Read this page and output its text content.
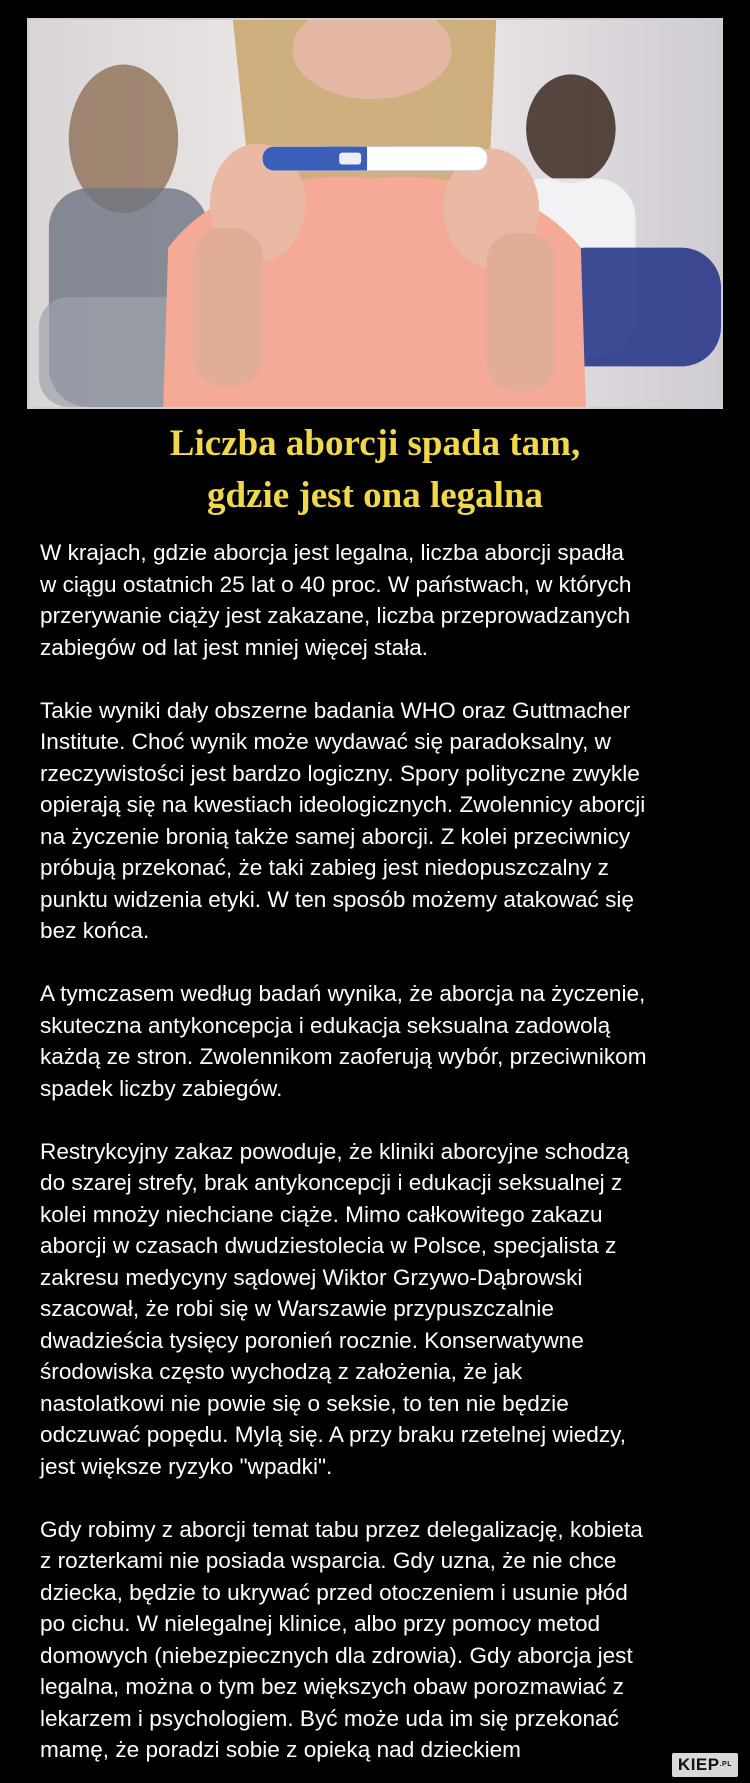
Liczba aborcji spada tam,
gdzie jest ona legalna

W krajach, gdzie aborcja jest legalna, liczba aborcji spadła
w ciągu ostatnich 25 lat o 40 proc. W państwach, w których
przerywanie ciąży jest zakazane, liczba przeprowadzanych
zabiegów od lat jest mniej więcej stała.

Takie wyniki dały obszerne badania WHO oraz Guttmacher
Institute. Choć wynik może wydawać się paradoksalny, w
rzeczywistości jest bardzo logiczny. Spory polityczne zwykle
opierają się na kwestiach ideologicznych. Zwolennicy aborcji
na życzenie bronią także samej aborcji. Z kolei przeciwnicy
próbują przekonać, że taki zabieg jest niedopuszczalny z
punktu widzenia etyki. W ten sposób możemy atakować się
bez końca.

A tymczasem według badań wynika, że aborcja na życzenie,
skuteczna antykoncepcja i edukacja seksualna zadowolą
każdą ze stron. Zwolennikom zaoferują wybór, przeciwnikom
spadek liczby zabiegów.

Restrykcyjny zakaz powoduje, że kliniki aborcyjne schodzą
do szarej strefy, brak antykoncepcji i edukacji seksualnej z
kolei mnoży niechciane ciąże. Mimo całkowitego zakazu
aborcji w czasach dwudziestolecia w Polsce, specjalista z
zakresu medycyny sądowej Wiktor Grzywo-Dąbrowski
szacował, że robi się w Warszawie przypuszczalnie
dwadzieścia tysięcy poronień rocznie. Konserwatywne
środowiska często wychodzą z założenia, że jak
nastolatkowi nie powie się o seksie, to ten nie będzie
odczuwać popędu. Mylą się. A przy braku rzetelnej wiedzy,
jest większe ryzyko "wpadki".

Gdy robimy z aborcji temat tabu przez delegalizację, kobieta
z rozterkami nie posiada wsparcia. Gdy uzna, że nie chce
dziecka, będzie to ukrywać przed otoczeniem i usunie płód
po cichu. W nielegalnej klinice, albo przy pomocy metod
domowych (niebezpiecznych dla zdrowia). Gdy aborcja jest
legalna, można o tym bez większych obaw porozmawiać z
lekarzem i psychologiem. Być może uda im się przekonać
mamę, że poradzi sobie z opieką nad dzieckiem

KIEP.PL
